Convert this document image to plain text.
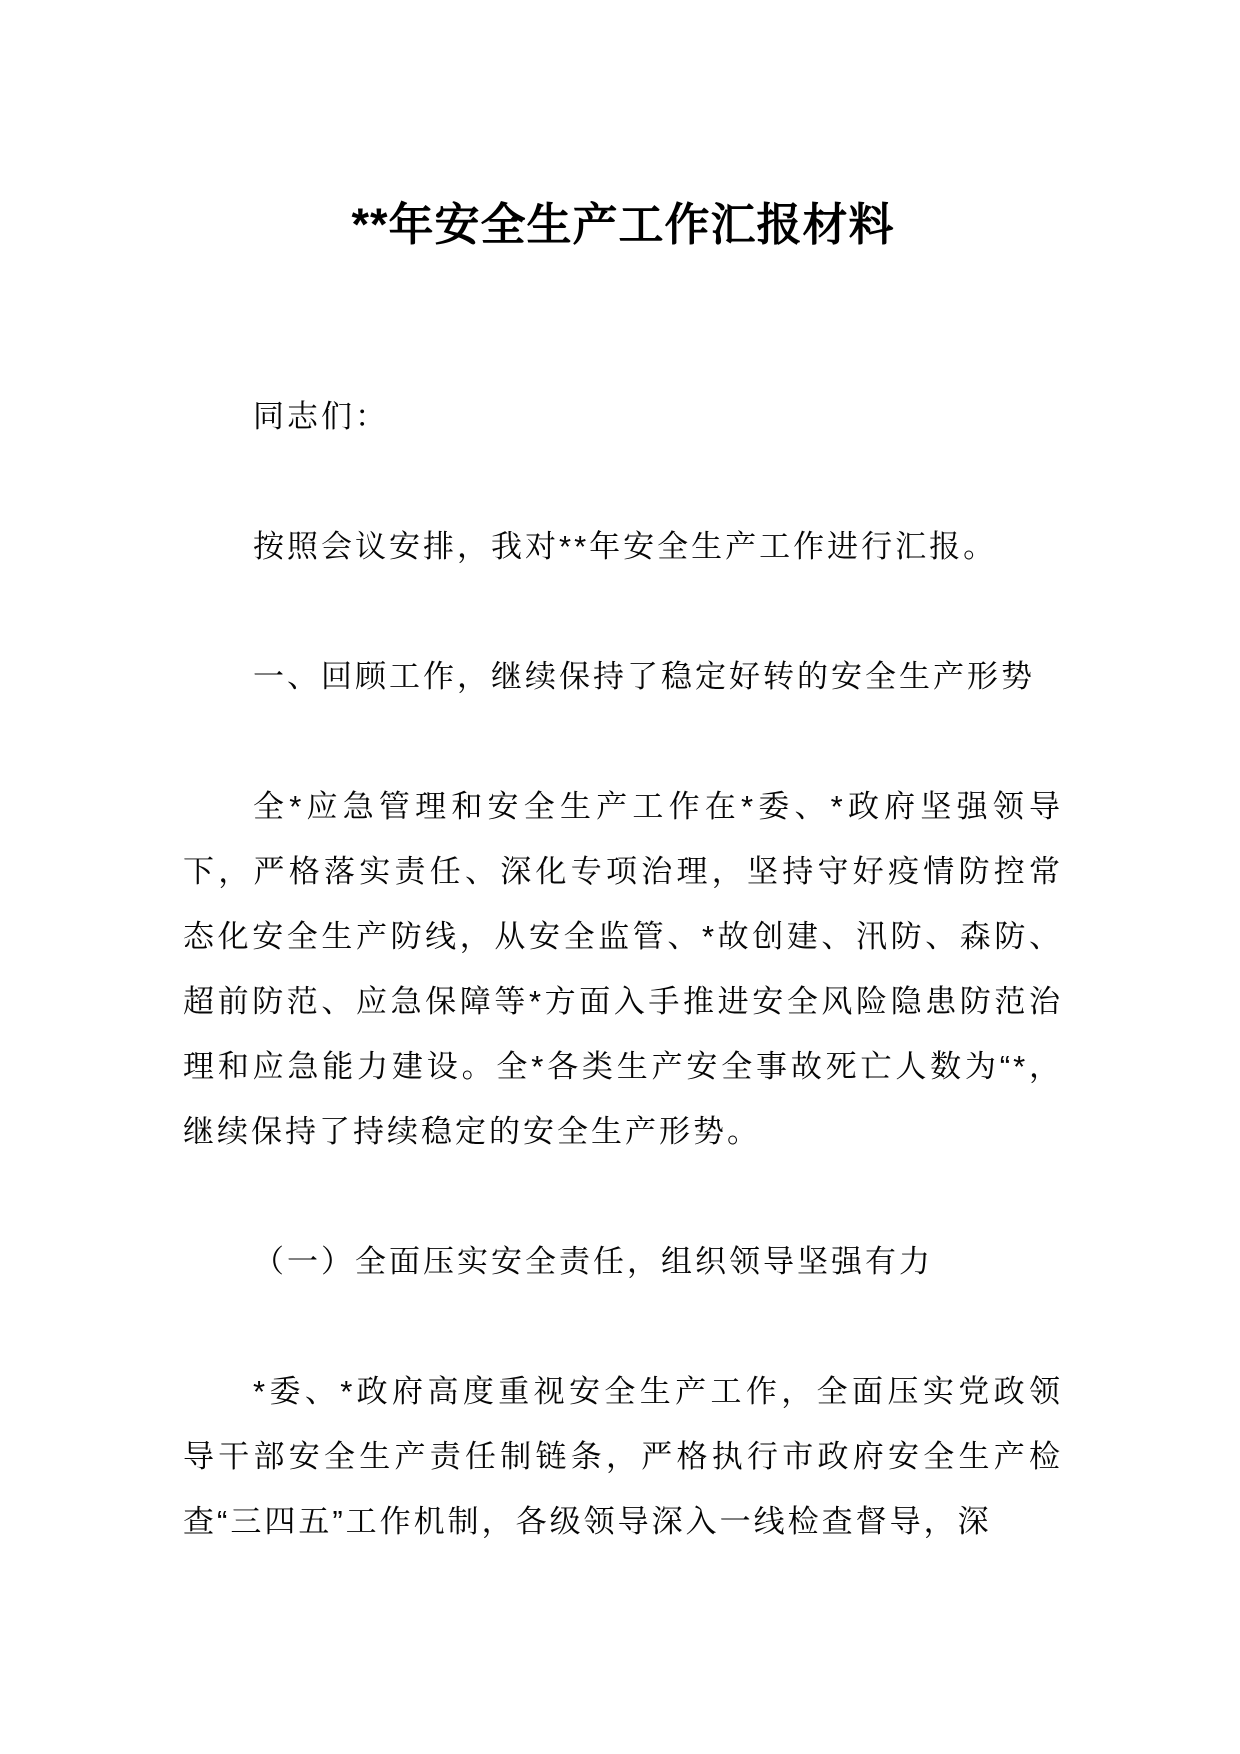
**年安全生产工作汇报材料

同志们：

按照会议安排，我对**年安全生产工作进行汇报。

一、回顾工作，继续保持了稳定好转的安全生产形势

全*应急管理和安全生产工作在*委、*政府坚强领导下，严格落实责任、深化专项治理，坚持守好疫情防控常态化安全生产防线，从安全监管、*故创建、汛防、森防、超前防范、应急保障等*方面入手推进安全风险隐患防范治理和应急能力建设。全*各类生产安全事故死亡人数为“*，继续保持了持续稳定的安全生产形势。

（一）全面压实安全责任，组织领导坚强有力

*委、*政府高度重视安全生产工作，全面压实党政领导干部安全生产责任制链条，严格执行市政府安全生产检查“三四五”工作机制，各级领导深入一线检查督导，深
